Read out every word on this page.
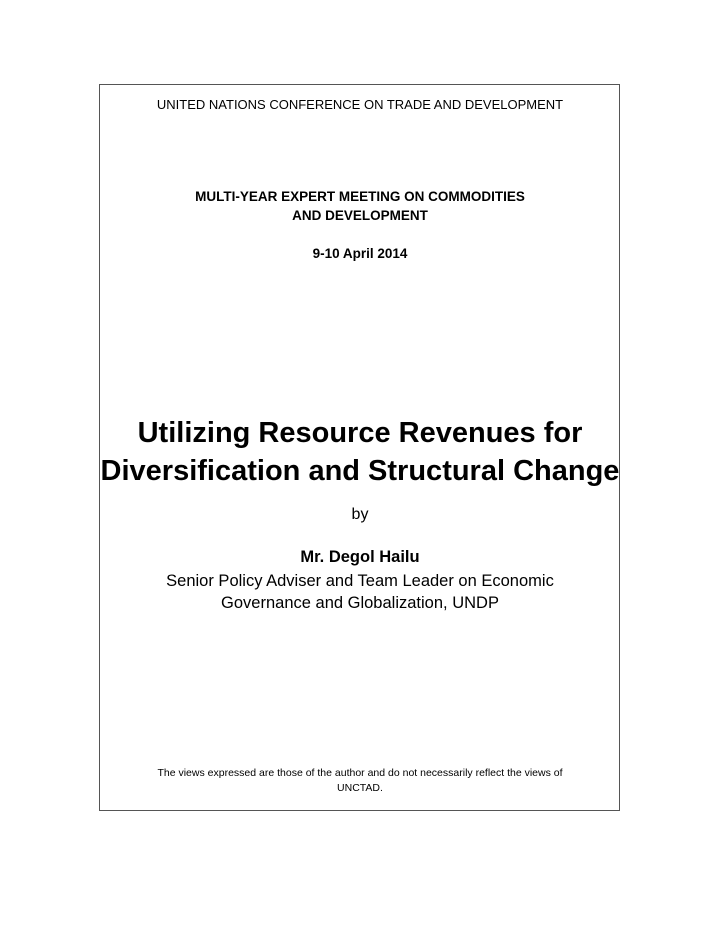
UNITED NATIONS CONFERENCE ON TRADE AND DEVELOPMENT
MULTI-YEAR EXPERT MEETING ON COMMODITIES
AND DEVELOPMENT
9-10 April 2014
Utilizing Resource Revenues for
Diversification and Structural Change
by
Mr. Degol Hailu
Senior Policy Adviser and Team Leader on Economic
Governance and Globalization, UNDP
The views expressed are those of the author and do not necessarily reflect the views of
UNCTAD.
